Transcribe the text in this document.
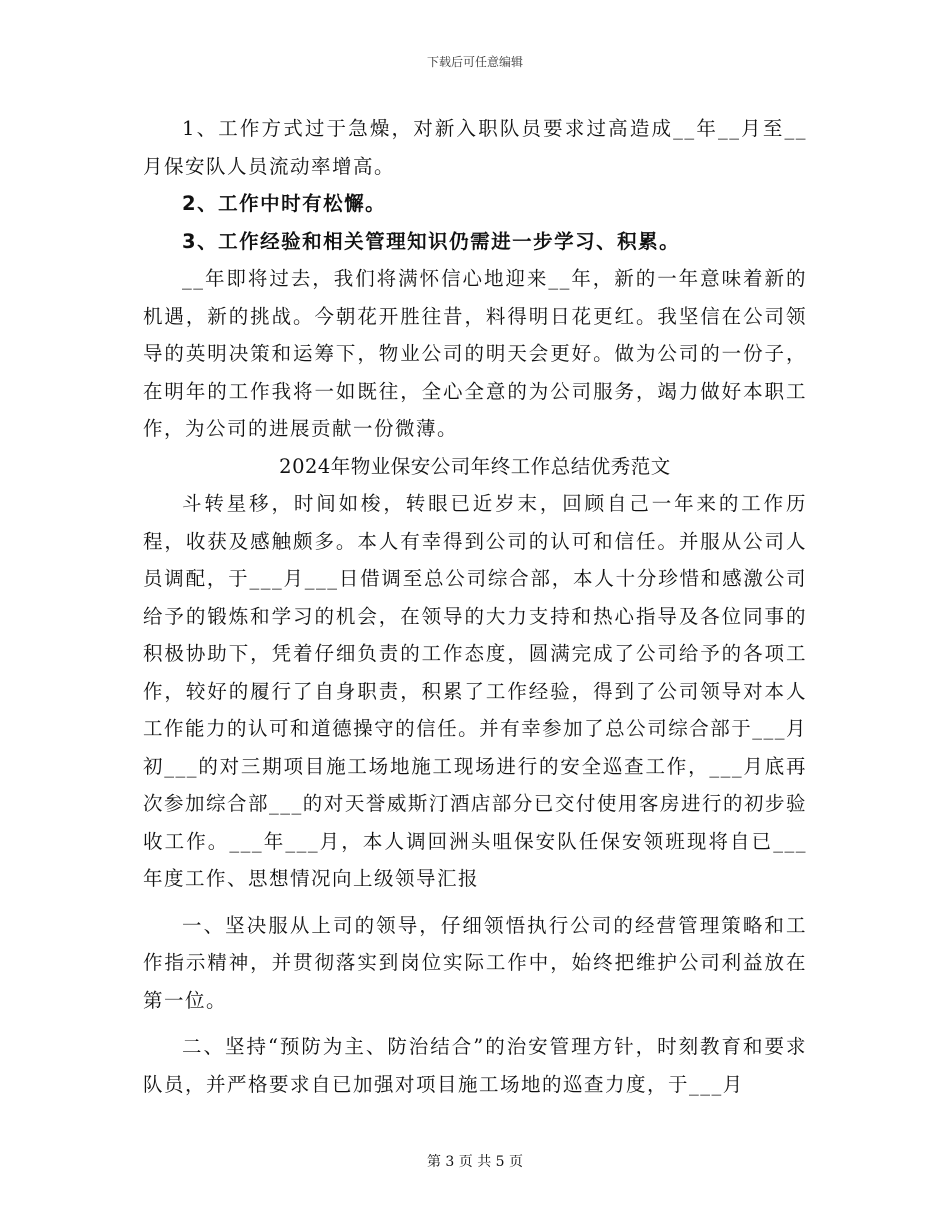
下载后可任意编辑

1、工作方式过于急燥，对新入职队员要求过高造成__年__月至__月保安队人员流动率增高。

2、工作中时有松懈。

3、工作经验和相关管理知识仍需进一步学习、积累。

__年即将过去，我们将满怀信心地迎来__年，新的一年意味着新的机遇，新的挑战。今朝花开胜往昔，料得明日花更红。我坚信在公司领导的英明决策和运筹下，物业公司的明天会更好。做为公司的一份子，在明年的工作我将一如既往，全心全意的为公司服务，竭力做好本职工作，为公司的进展贡献一份微薄。

2024年物业保安公司年终工作总结优秀范文

斗转星移，时间如梭，转眼已近岁末，回顾自己一年来的工作历程，收获及感触颇多。本人有幸得到公司的认可和信任。并服从公司人员调配，于___月___日借调至总公司综合部，本人十分珍惜和感激公司给予的锻炼和学习的机会，在领导的大力支持和热心指导及各位同事的积极协助下，凭着仔细负责的工作态度，圆满完成了公司给予的各项工作，较好的履行了自身职责，积累了工作经验，得到了公司领导对本人工作能力的认可和道德操守的信任。并有幸参加了总公司综合部于___月初___的对三期项目施工场地施工现场进行的安全巡查工作，___月底再次参加综合部___的对天誉威斯汀酒店部分已交付使用客房进行的初步验收工作。___年___月，本人调回洲头咀保安队任保安领班现将自已___年度工作、思想情况向上级领导汇报

一、坚决服从上司的领导，仔细领悟执行公司的经营管理策略和工作指示精神，并贯彻落实到岗位实际工作中，始终把维护公司利益放在第一位。

二、坚持“预防为主、防治结合”的治安管理方针，时刻教育和要求队员，并严格要求自已加强对项目施工场地的巡查力度，于___月

第 3 页 共 5 页
